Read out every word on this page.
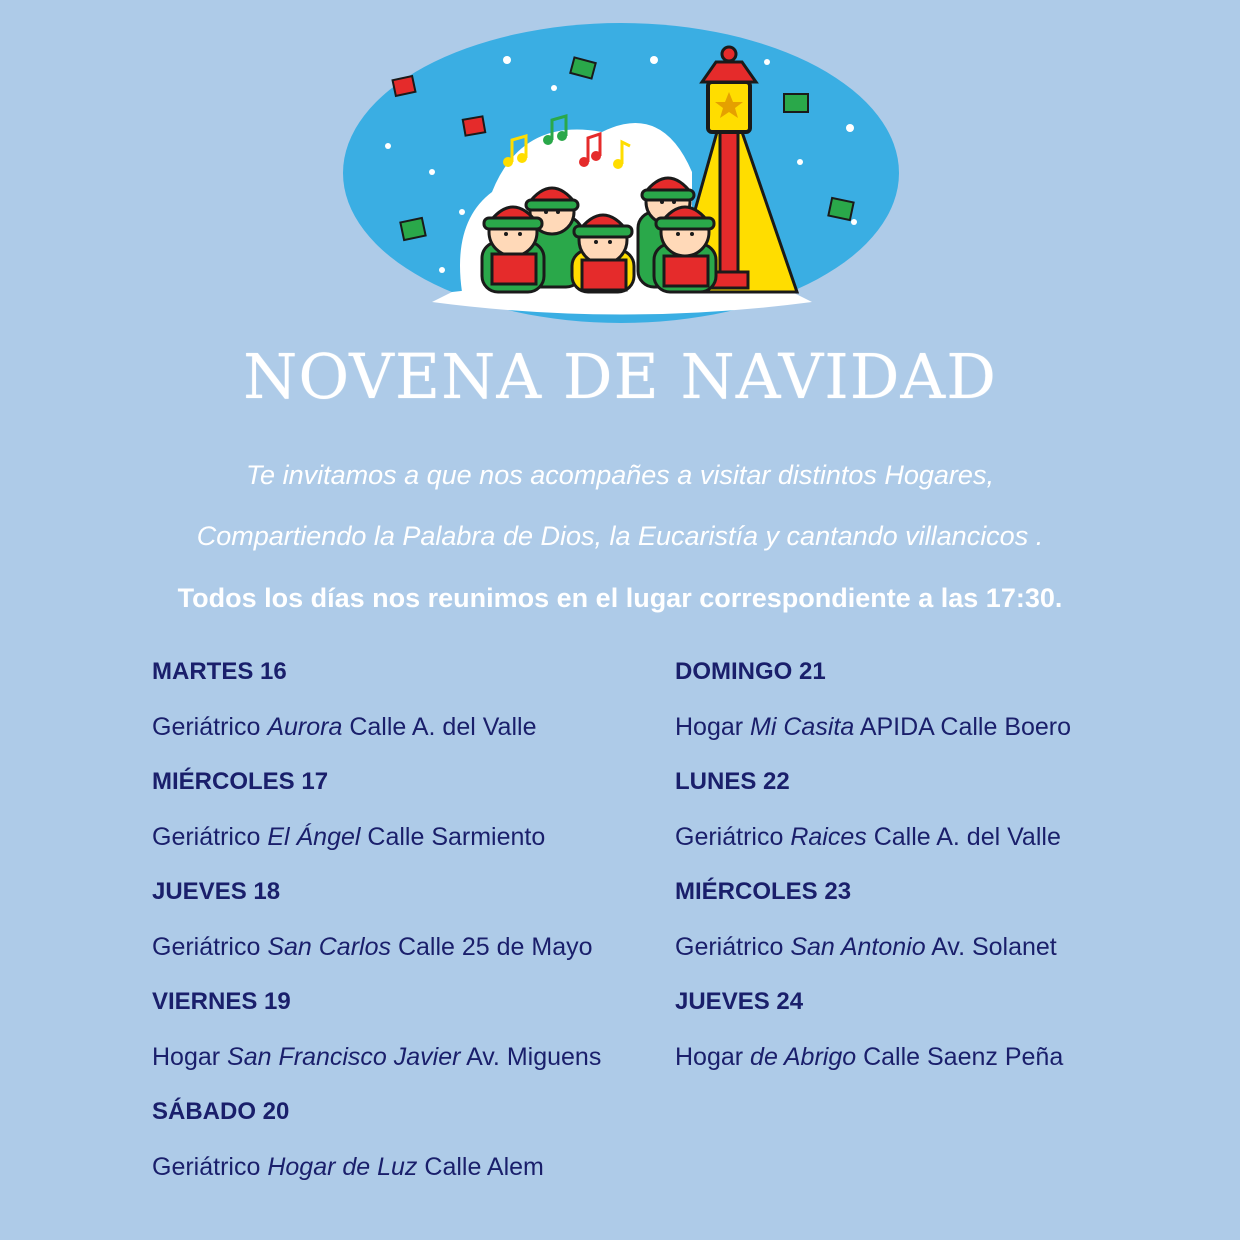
NOVENA DE NAVIDAD
Te invitamos a que nos acompañes a visitar distintos Hogares,
Compartiendo la Palabra de Dios, la Eucaristía y cantando villancicos .
Todos los días nos reunimos en el lugar correspondiente a las 17:30.
MARTES 16
Geriátrico Aurora Calle A. del Valle
MIÉRCOLES 17
Geriátrico El Ángel Calle Sarmiento
JUEVES 18
Geriátrico San Carlos Calle 25 de Mayo
VIERNES 19
Hogar San Francisco Javier Av. Miguens
SÁBADO 20
Geriátrico Hogar de Luz Calle Alem
DOMINGO 21
Hogar Mi Casita APIDA Calle Boero
LUNES 22
Geriátrico Raices Calle A. del Valle
MIÉRCOLES 23
Geriátrico San Antonio Av. Solanet
JUEVES 24
Hogar de Abrigo Calle Saenz Peña
